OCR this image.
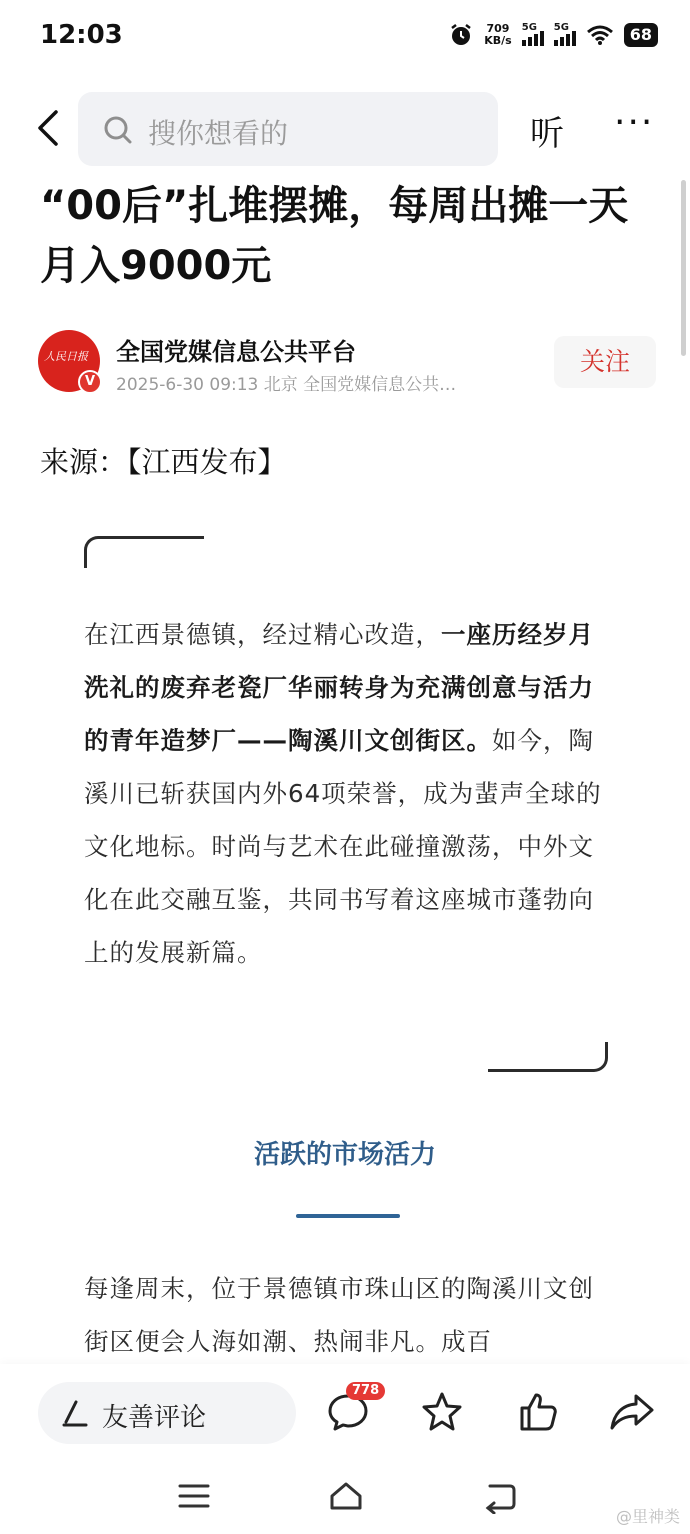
12:03	709
KB/s
5G 5G	68
搜你想看的	听 ···
“00后”扎堆摆摊，每周出摊一天月入9000元
人民日报
V
全国党媒信息公共平台
2025-6-30 09:13 北京 全国党媒信息公共…
关注
来源：【江西发布】

在江西景德镇，经过精心改造，一座历经岁月洗礼的废弃老瓷厂华丽转身为充满创意与活力的青年造梦厂——陶溪川文创街区。如今，陶溪川已斩获国内外64项荣誉，成为蜚声全球的文化地标。时尚与艺术在此碰撞激荡，中外文化在此交融互鉴，共同书写着这座城市蓬勃向上的发展新篇。

活跃的市场活力

每逢周末，位于景德镇市珠山区的陶溪川文创街区便会人海如潮、热闹非凡。成百

友善评论
778
@里神类
